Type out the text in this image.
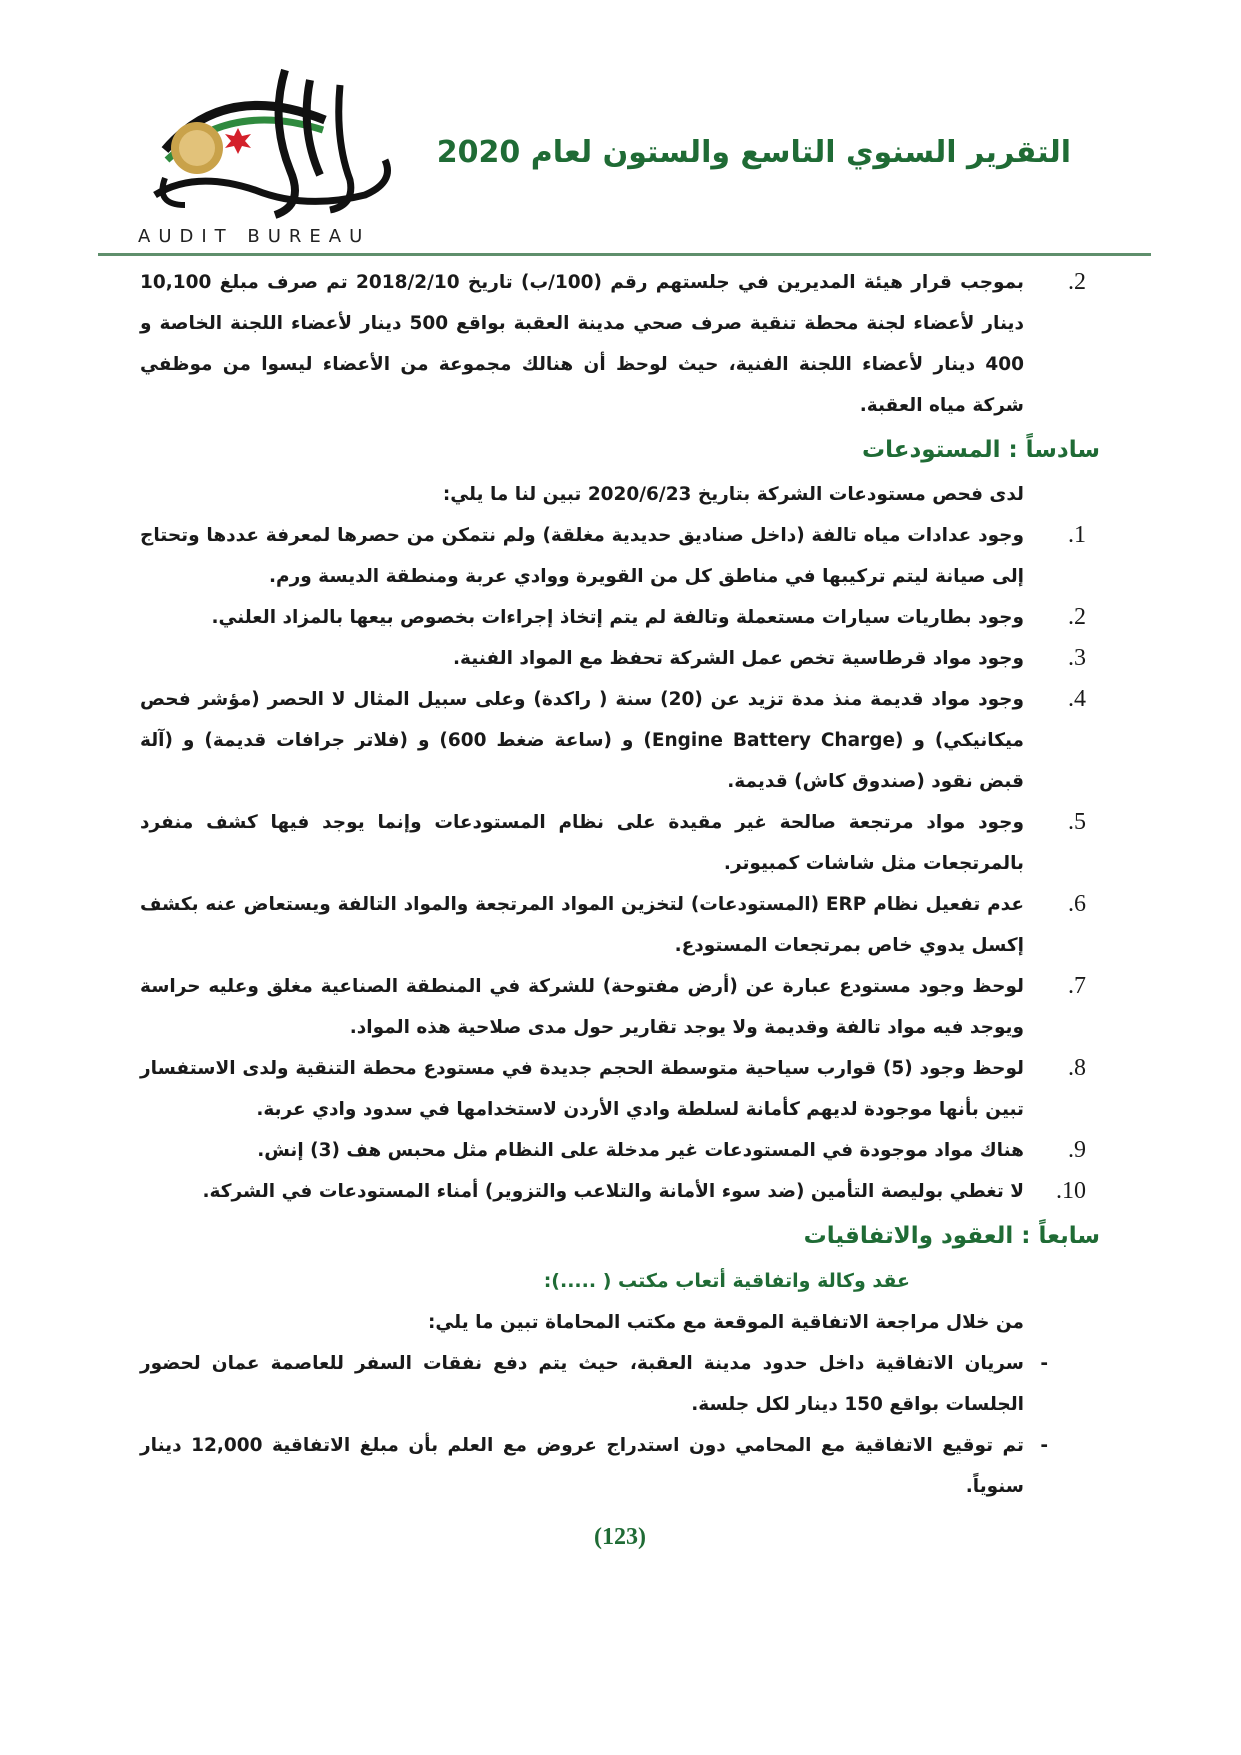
AUDIT BUREAU
التقرير السنوي التاسع والستون لعام 2020
.2
بموجب قرار هيئة المديرين في جلستهم رقم (100/ب) تاريخ 2018/2/10 تم صرف مبلغ 10,100 دينار لأعضاء لجنة محطة تنقية صرف صحي مدينة العقبة بواقع 500 دينار لأعضاء اللجنة الخاصة و 400 دينار لأعضاء اللجنة الفنية، حيث لوحظ أن هنالك مجموعة من الأعضاء ليسوا من موظفي شركة مياه العقبة.
سادساً : المستودعات
لدى فحص مستودعات الشركة بتاريخ 2020/6/23 تبين لنا ما يلي:
.1
وجود عدادات مياه تالفة (داخل صناديق حديدية مغلقة) ولم نتمكن من حصرها لمعرفة عددها وتحتاج إلى صيانة ليتم تركيبها في مناطق كل من القويرة ووادي عربة ومنطقة الديسة ورم.
.2
وجود بطاريات سيارات مستعملة وتالفة لم يتم إتخاذ إجراءات بخصوص بيعها بالمزاد العلني.
.3
وجود مواد قرطاسية تخص عمل الشركة تحفظ مع المواد الفنية.
.4
وجود مواد قديمة منذ مدة تزيد عن (20) سنة ( راكدة) وعلى سبيل المثال لا الحصر (مؤشر فحص ميكانيكي) و (Engine Battery Charge) و (ساعة ضغط 600) و (فلاتر جرافات قديمة) و (آلة قبض نقود (صندوق كاش) قديمة.
.5
وجود مواد مرتجعة صالحة غير مقيدة على نظام المستودعات وإنما يوجد فيها كشف منفرد بالمرتجعات مثل شاشات كمبيوتر.
.6
عدم تفعيل نظام ERP (المستودعات) لتخزين المواد المرتجعة والمواد التالفة ويستعاض عنه بكشف إكسل يدوي خاص بمرتجعات المستودع.
.7
لوحظ وجود مستودع عبارة عن (أرض مفتوحة) للشركة في المنطقة الصناعية مغلق وعليه حراسة ويوجد فيه مواد تالفة وقديمة ولا يوجد تقارير حول مدى صلاحية هذه المواد.
.8
لوحظ وجود (5) قوارب سياحية متوسطة الحجم جديدة في مستودع محطة التنقية ولدى الاستفسار تبين بأنها موجودة لديهم كأمانة لسلطة وادي الأردن لاستخدامها في سدود وادي عربة.
.9
هناك مواد موجودة في المستودعات غير مدخلة على النظام مثل محبس هف (3) إنش.
.10
لا تغطي بوليصة التأمين (ضد سوء الأمانة والتلاعب والتزوير) أمناء المستودعات في الشركة.
سابعاً : العقود والاتفاقيات
عقد وكالة واتفاقية أتعاب مكتب ( .....):
من خلال مراجعة الاتفاقية الموقعة مع مكتب المحاماة تبين ما يلي:
-
سريان الاتفاقية داخل حدود مدينة العقبة، حيث يتم دفع نفقات السفر للعاصمة عمان لحضور الجلسات بواقع 150 دينار لكل جلسة.
-
تم توقيع الاتفاقية مع المحامي دون استدراج عروض مع العلم بأن مبلغ الاتفاقية 12,000 دينار سنوياً.
(123)
